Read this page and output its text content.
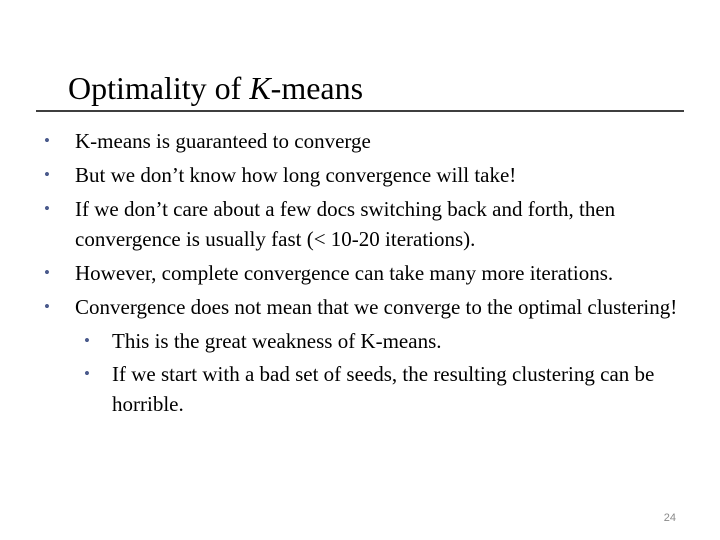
Optimality of K-means
•	K-means is guaranteed to converge
•	But we don’t know how long convergence will take!
•	If we don’t care about a few docs switching back and forth, then convergence is usually fast (< 10-20 iterations).
•	However, complete convergence can take many more iterations.
•	Convergence does not mean that we converge to the optimal clustering!
•	This is the great weakness of K-means.
•	If we start with a bad set of seeds, the resulting clustering can be horrible.
24
